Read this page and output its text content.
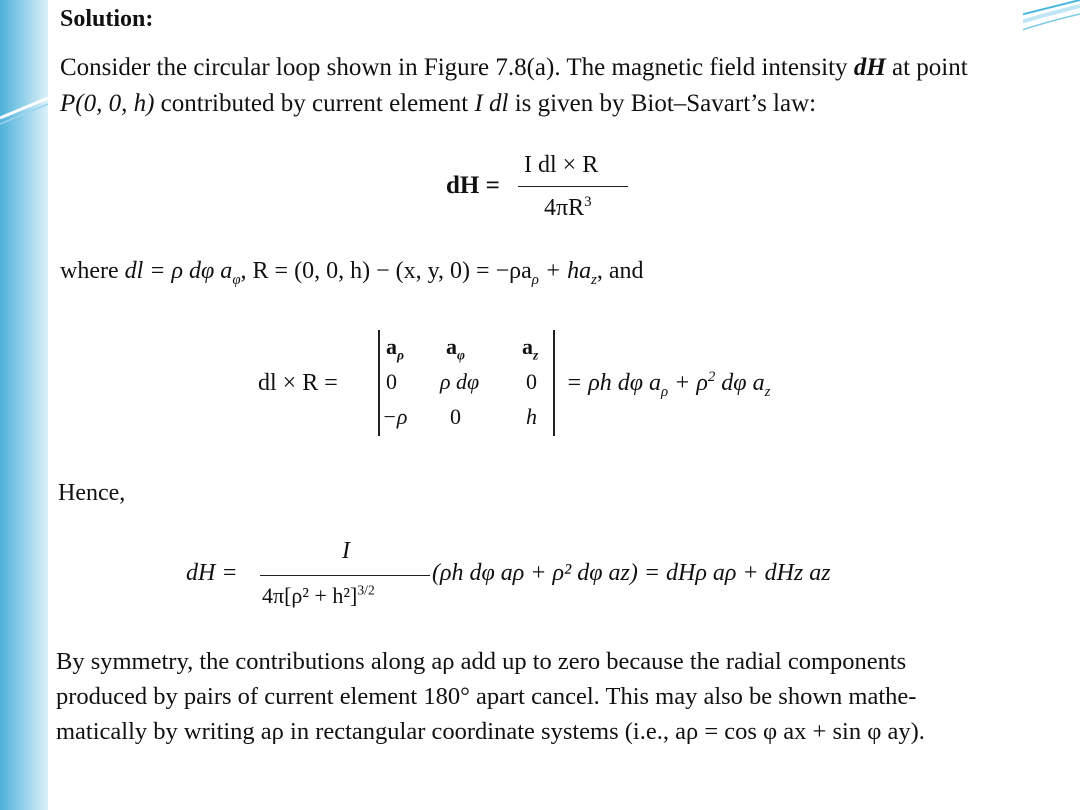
Solution:
Consider the circular loop shown in Figure 7.8(a). The magnetic field intensity dH at point
P(0, 0, h) contributed by current element I dl is given by Biot–Savart’s law:
dH =
I dl × R
$4\pi R^3$
where dl = ρ dφ $a_\varphi$, R = (0, 0, h) − (x, y, $0) = -\rho a_\rho + ha_z$, and
dl × R =
$a_\rho$ $a_\varphi$	$a_z$
0 ρ dφ 0
−ρ 0	h
= ρh dφ $a_\rho + \rho^2$ dφ $a_z$
Hence,
dH =
I
$4\pi[\rho^2 + h^2]^{3/2}$
(ρh dφ aρ + ρ² dφ az) = dHρ aρ + dHz az
By symmetry, the contributions along aρ add up to zero because the radial components
produced by pairs of current element 180° apart cancel. This may also be shown mathe-
matically by writing aρ in rectangular coordinate systems (i.e., aρ = cos φ ax + sin φ ay).
